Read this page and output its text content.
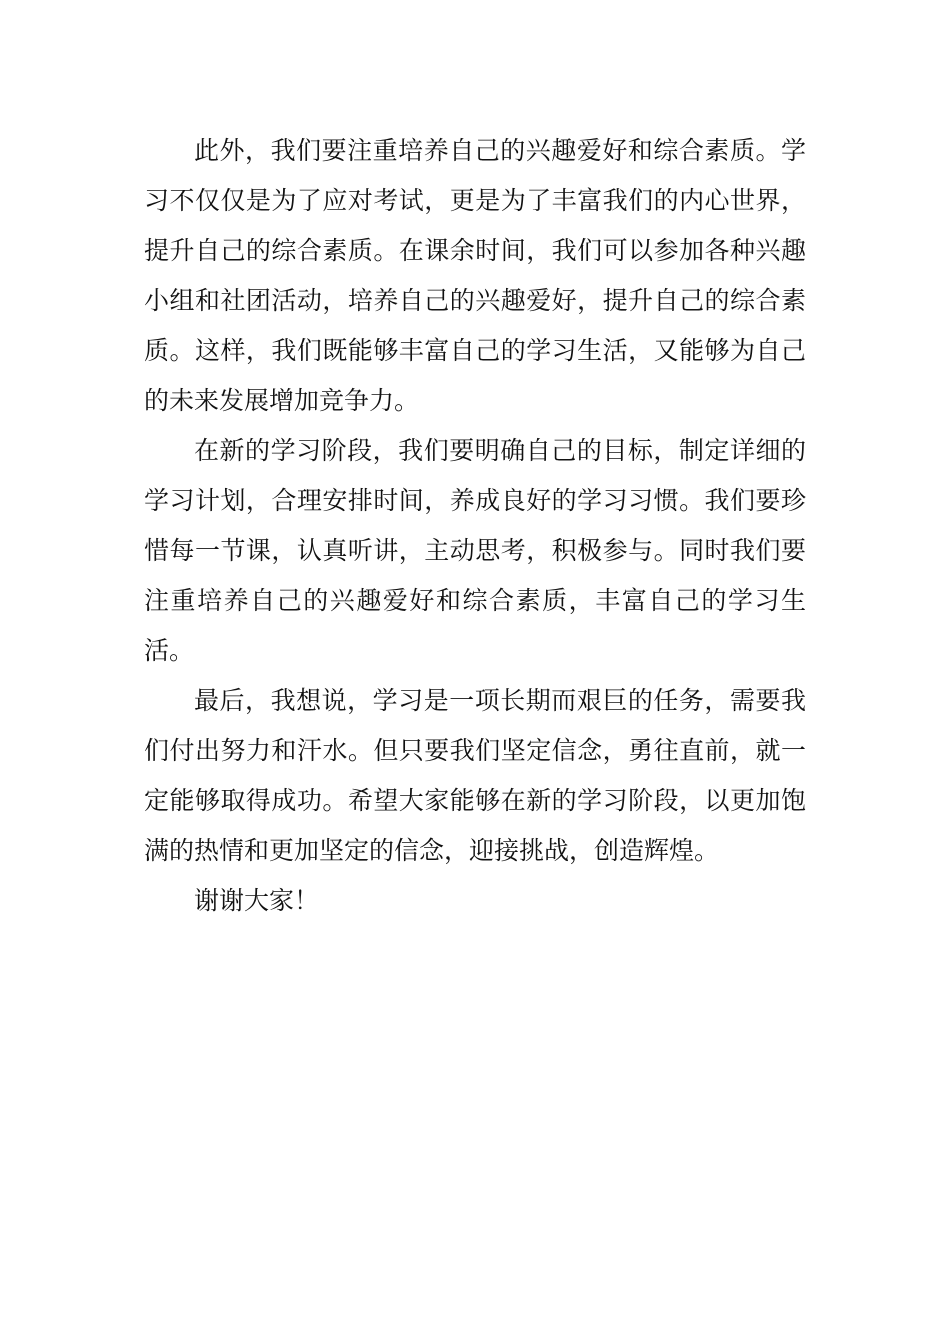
此外，我们要注重培养自己的兴趣爱好和综合素质。学习不仅仅是为了应对考试，更是为了丰富我们的内心世界，提升自己的综合素质。在课余时间，我们可以参加各种兴趣小组和社团活动，培养自己的兴趣爱好，提升自己的综合素质。这样，我们既能够丰富自己的学习生活，又能够为自己的未来发展增加竞争力。

在新的学习阶段，我们要明确自己的目标，制定详细的学习计划，合理安排时间，养成良好的学习习惯。我们要珍惜每一节课，认真听讲，主动思考，积极参与。同时我们要注重培养自己的兴趣爱好和综合素质，丰富自己的学习生活。

最后，我想说，学习是一项长期而艰巨的任务，需要我们付出努力和汗水。但只要我们坚定信念，勇往直前，就一定能够取得成功。希望大家能够在新的学习阶段，以更加饱满的热情和更加坚定的信念，迎接挑战，创造辉煌。

谢谢大家！
